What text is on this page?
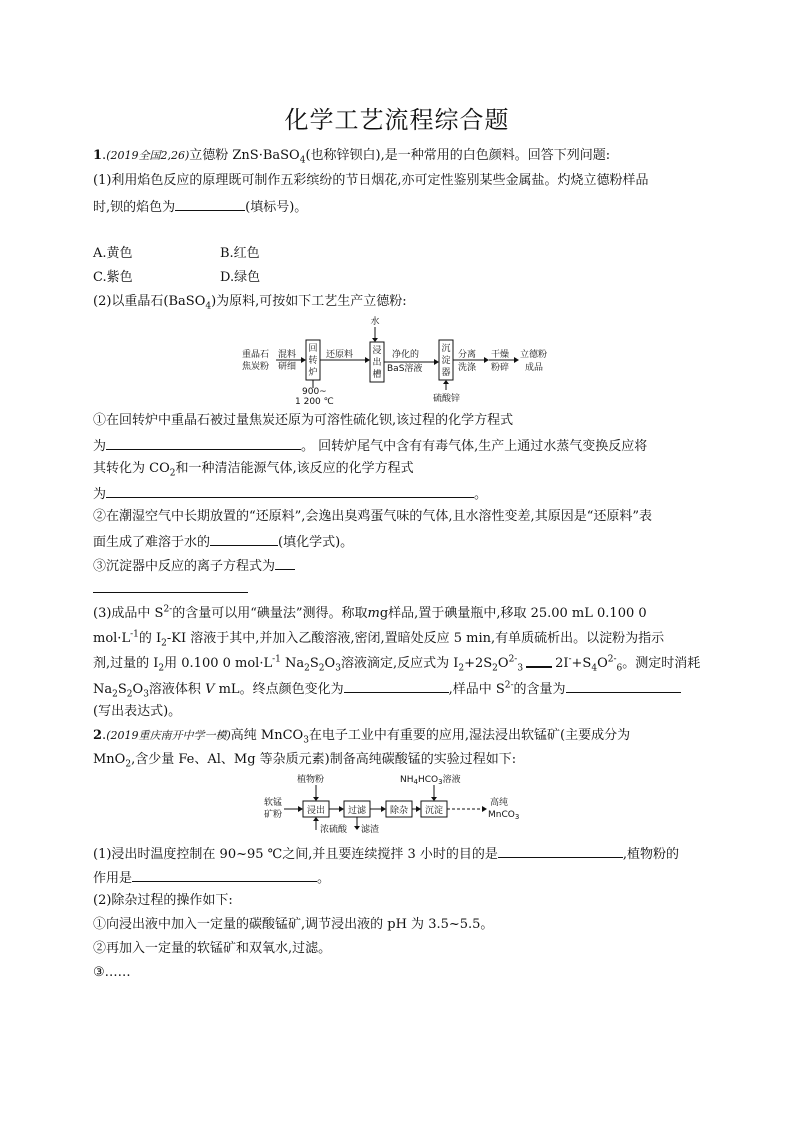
化学工艺流程综合题
1.(2019全国2,26)立德粉 ZnS·BaSO$_4$(也称锌钡白),是一种常用的白色颜料。回答下列问题:
(1)利用焰色反应的原理既可制作五彩缤纷的节日烟花,亦可定性鉴别某些金属盐。灼烧立德粉样品
时,钡的焰色为	(填标号)。
A.黄色	B.红色
C.紫色	D.绿色
(2)以重晶石(BaSO$_4$)为原料,可按如下工艺生产立德粉:
水
重晶石
焦炭粉
混料
研细
回
转
炉
900~
1 200 ℃
还原料 浸
出
槽
净化的
BaS溶液
沉
淀
器
硫酸锌
分离
洗涤
干燥
粉碎
立德粉
成品
①在回转炉中重晶石被过量焦炭还原为可溶性硫化钡,该过程的化学方程式
为	。 回转炉尾气中含有有毒气体,生产上通过水蒸气变换反应将
其转化为 $CO_2$和一种清洁能源气体,该反应的化学方程式
为	。
②在潮湿空气中长期放置的“还原料”,会逸出臭鸡蛋气味的气体,且水溶性变差,其原因是“还原料”表
面生成了难溶于水的	(填化学式)。
③沉淀器中反应的离子方程式为
(3)成品中 $S^{2-}$的含量可以用“碘量法”测得。称取mg样品,置于碘量瓶中,移取 25.00 mL 0.100 0
$mol\cdot L^{-1}$的 $I_2-KI$ 溶液于其中,并加入乙酸溶液,密闭,置暗处反应 5 min,有单质硫析出。以淀粉为指示
剂,过量的 $I_2$用 0.100 0 $mol\cdot L^{-1}$ $Na_2S_2O_3$溶液滴定,反应式为 $I_2+2S_2O^{2-}_3$ $2I^-+S_4O^{2-}_6$。测定时消耗
$Na_2S_2O_3$溶液体积 V mL。终点颜色变化为	,样品中 $S^{2-}$的含量为
(写出表达式)。
2.(2019重庆南开中学一模)高纯 MnCO$_3$在电子工业中有重要的应用,湿法浸出软锰矿(主要成分为
MnO$_2$,含少量 Fe、Al、Mg 等杂质元素)制备高纯碳酸锰的实验过程如下:
植物粉	$NH_4HCO_3$溶液
软锰
矿粉	浸出
浓硫酸
过滤
滤渣
除杂 沉淀
高纯
MnCO$_3$
(1)浸出时温度控制在 90~95 ℃之间,并且要连续搅拌 3 小时的目的是	,植物粉的
作用是	。
(2)除杂过程的操作如下:
①向浸出液中加入一定量的碳酸锰矿,调节浸出液的 pH 为 3.5~5.5。
②再加入一定量的软锰矿和双氧水,过滤。
③……
